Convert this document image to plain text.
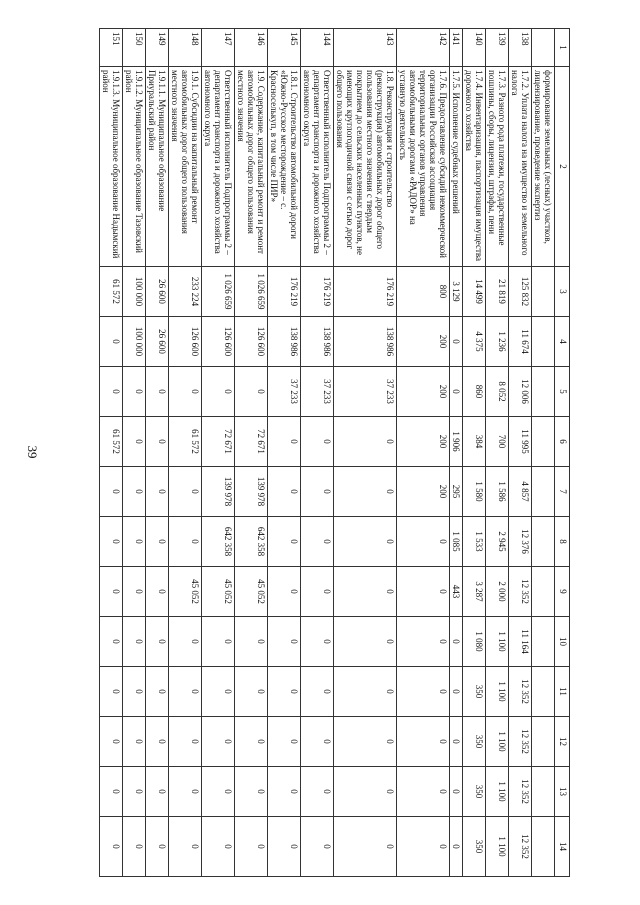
39
1	2	3	4	5	6	7	8	9	10	11	12	13	14
	формирование земельных (лесных) участков, лицензирование, проведение экспертиз												
138	1.7.2. Уплата налога на имущество и земельного налога	125 832	11 674	12 006	11 995	4 857	12 376	12 352	11 164	12 352	12 352	12 352	12 352
139	1.7.3. Разного рода платежи, государственные пошлины, сборы, лицензии, штрафы, пени	21 819	1 236	8 052	700	1 586	2 945	2 000	1 100	1 100	1 100	1 100	1 100
140	1.7.4. Инвентаризация, паспортизация имущества дорожного хозяйства	14 499	4 375	860	384	1 580	1 533	3 287	1 080	350	350	350	350
141	1.7.5. Исполнение судебных решений	3 129	0	0	1 906	295	1 085	443	0	0	0	0	0
142	1.7.6. Предоставление субсидий некоммерческой организации Российская ассоциация территориальных органов управления автомобильными дорогами «РАДОР» на уставную деятельность	800	200	200	200	200	0	0	0	0	0	0	0
143	1.8. Реконструкция и строительство (реконструкция) автомобильных дорог общего пользования местного значения с твердым покрытием до сельских населенных пунктов, не имеющих круглогодичной связи с сетью дорог общего пользования	176 219	138 986	37 233	0	0	0	0	0	0	0	0	0
144	Ответственный исполнитель Подпрограммы 2 – департамент транспорта и дорожного хозяйства автономного округа	176 219	138 986	37 233	0	0	0	0	0	0	0	0	0
145	1.8.1. Строительство автомобильной дороги «Южно-Русское месторождение – с. Красноселькуп, в том числе ПИР»	176 219	138 986	37 233	0	0	0	0	0	0	0	0	0
146	1.9. Содержание, капитальный ремонт и ремонт автомобильных дорог общего пользования местного значения	1 026 659	126 600	0	72 671	139 978	642 358	45 052	0	0	0	0	0
147	Ответственный исполнитель Подпрограммы 2 – департамент транспорта и дорожного хозяйства автономного округа	1 026 659	126 600	0	72 671	139 978	642 358	45 052	0	0	0	0	0
148	1.9.1. Субсидии на капитальный ремонт автомобильных дорог общего пользования местного значения	233 224	126 600	0	61 572	0	0	45 052	0	0	0	0	0
149	1.9.1.1. Муниципальное образование Приуральский район	26 600	26 600	0	0	0	0	0	0	0	0	0	0
150	1.9.1.2. Муниципальное образование Тазовский район	100 000	100 000	0	0	0	0	0	0	0	0	0	0
151	1.9.1.3. Муниципальное образование Надымский район	61 572	0	0	61 572	0	0	0	0	0	0	0	0
